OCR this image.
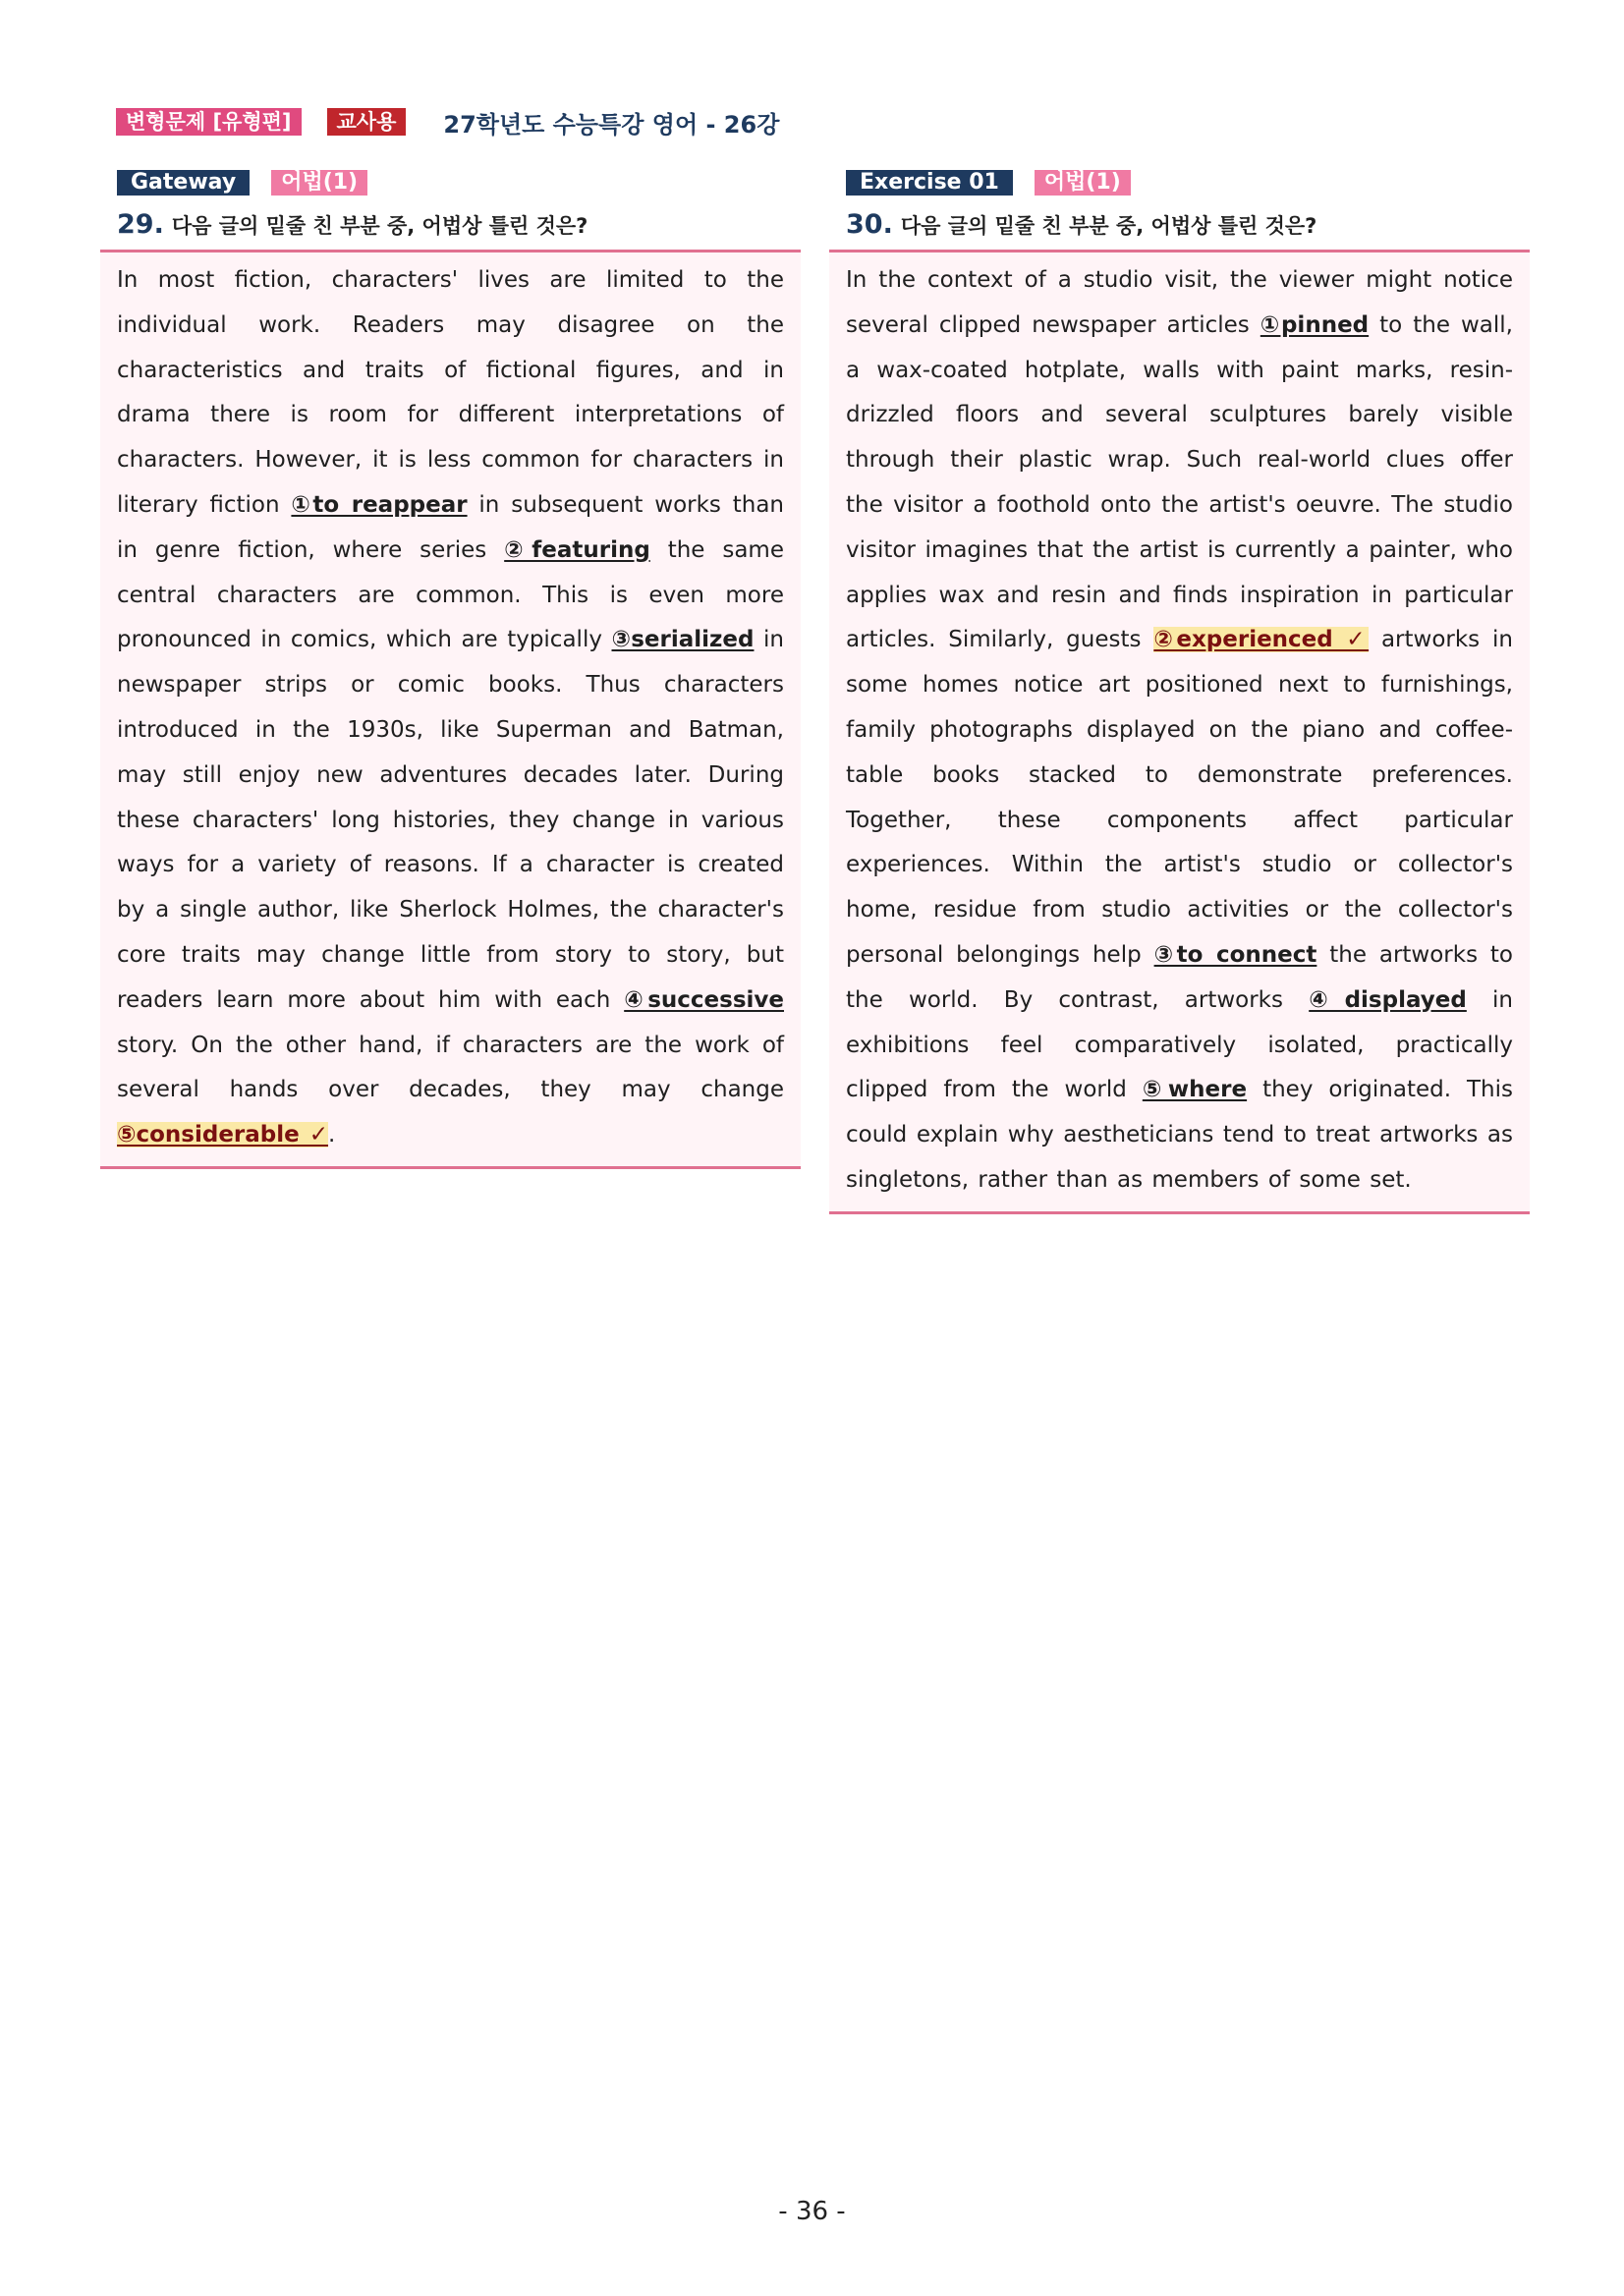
변형문제 [유형편]	교사용	27학년도 수능특강 영어 - 26강
Gateway	어법(1)
29. 다음 글의 밑줄 친 부분 중, 어법상 틀린 것은?

In most fiction, characters' lives are limited to the individual work. Readers may disagree on the characteristics and traits of fictional figures, and in drama there is room for different interpretations of characters. However, it is less common for characters in literary fiction ①to reappear in subsequent works than in genre fiction, where series ②featuring the same central characters are common. This is even more pronounced in comics, which are typically ③serialized in newspaper strips or comic books. Thus characters introduced in the 1930s, like Superman and Batman, may still enjoy new adventures decades later. During these characters' long histories, they change in various ways for a variety of reasons. If a character is created by a single author, like Sherlock Holmes, the character's core traits may change little from story to story, but readers learn more about him with each ④successive story. On the other hand, if characters are the work of several hands over decades, they may change ⑤considerable ✓.

Exercise 01	어법(1)
30. 다음 글의 밑줄 친 부분 중, 어법상 틀린 것은?

In the context of a studio visit, the viewer might notice several clipped newspaper articles ①pinned to the wall, a wax-coated hotplate, walls with paint marks, resin-drizzled floors and several sculptures barely visible through their plastic wrap. Such real-world clues offer the visitor a foothold onto the artist's oeuvre. The studio visitor imagines that the artist is currently a painter, who applies wax and resin and finds inspiration in particular articles. Similarly, guests ②experienced ✓ artworks in some homes notice art positioned next to furnishings, family photographs displayed on the piano and coffee-table books stacked to demonstrate preferences. Together, these components affect particular experiences. Within the artist's studio or collector's home, residue from studio activities or the collector's personal belongings help ③to connect the artworks to the world. By contrast, artworks ④displayed in exhibitions feel comparatively isolated, practically clipped from the world ⑤where they originated. This could explain why aestheticians tend to treat artworks as singletons, rather than as members of some set.

- 36 -
